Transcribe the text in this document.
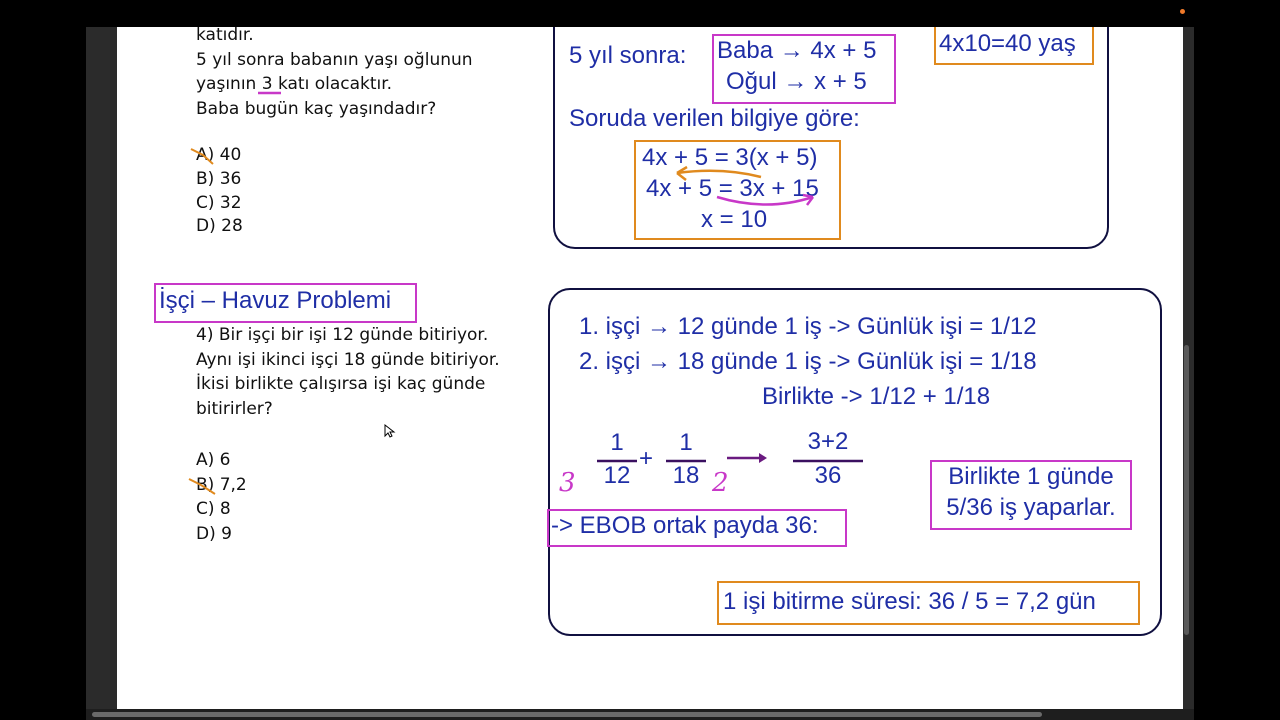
katıdır.
5 yıl sonra babanın yaşı oğlunun
yaşının 3 katı olacaktır.
Baba bugün kaç yaşındadır?
A) 40
B) 36
C) 32
D) 28
5 yıl sonra: Baba → 4x + 5
Oğul → x + 5
4x10=40 yaş
Soruda verilen bilgiye göre:
4x + 5 = 3(x + 5)
4x + 5 = 3x + 15
x = 10
İşçi – Havuz Problemi
4) Bir işçi bir işi 12 günde bitiriyor.
Aynı işi ikinci işçi 18 günde bitiriyor.
İkisi birlikte çalışırsa işi kaç günde
bitirirler?
A) 6
B) 7,2
C) 8
D) 9
1. işçi → 12 günde 1 iş -> Günlük işi = 1/12
2. işçi → 18 günde 1 iş -> Günlük işi = 1/18
Birlikte -> 1/12 + 1/18
1
12
+
1
18
3+2
36
3	2
-> EBOB ortak payda 36:
Birlikte 1 günde
5/36 iş yaparlar.
1 işi bitirme süresi: 36 / 5 = 7,2 gün
